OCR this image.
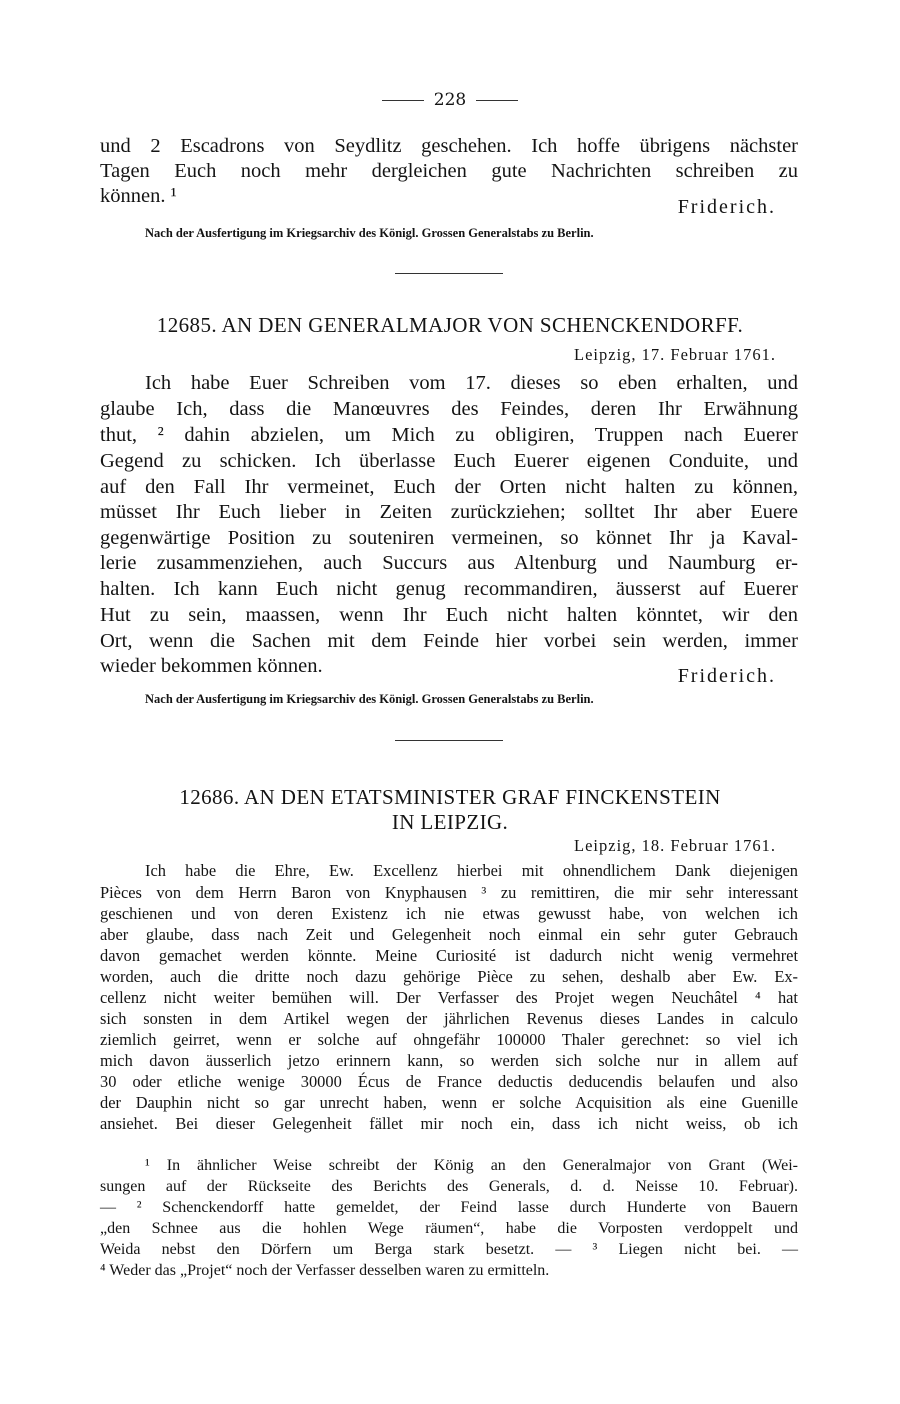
228
und 2 Escadrons von Seydlitz geschehen. Ich hoffe übrigens nächster
Tagen Euch noch mehr dergleichen gute Nachrichten schreiben zu
können. ¹	Friderich.
Nach der Ausfertigung im Kriegsarchiv des Königl. Grossen Generalstabs zu Berlin.
12685. AN DEN GENERALMAJOR VON SCHENCKENDORFF.
Leipzig, 17. Februar 1761.
Ich habe Euer Schreiben vom 17. dieses so eben erhalten, und
glaube Ich, dass die Manœuvres des Feindes, deren Ihr Erwähnung
thut, ² dahin abzielen, um Mich zu obligiren, Truppen nach Euerer
Gegend zu schicken. Ich überlasse Euch Euerer eigenen Conduite, und
auf den Fall Ihr vermeinet, Euch der Orten nicht halten zu können,
müsset Ihr Euch lieber in Zeiten zurückziehen; solltet Ihr aber Euere
gegenwärtige Position zu souteniren vermeinen, so könnet Ihr ja Kaval-
lerie zusammenziehen, auch Succurs aus Altenburg und Naumburg er-
halten. Ich kann Euch nicht genug recommandiren, äusserst auf Euerer
Hut zu sein, maassen, wenn Ihr Euch nicht halten könntet, wir den
Ort, wenn die Sachen mit dem Feinde hier vorbei sein werden, immer
wieder bekommen können.	Friderich.
Nach der Ausfertigung im Kriegsarchiv des Königl. Grossen Generalstabs zu Berlin.
12686. AN DEN ETATSMINISTER GRAF FINCKENSTEIN
IN LEIPZIG.
Leipzig, 18. Februar 1761.
Ich habe die Ehre, Ew. Excellenz hierbei mit ohnendlichem Dank diejenigen
Pièces von dem Herrn Baron von Knyphausen ³ zu remittiren, die mir sehr interessant
geschienen und von deren Existenz ich nie etwas gewusst habe, von welchen ich
aber glaube, dass nach Zeit und Gelegenheit noch einmal ein sehr guter Gebrauch
davon gemachet werden könnte. Meine Curiosité ist dadurch nicht wenig vermehret
worden, auch die dritte noch dazu gehörige Pièce zu sehen, deshalb aber Ew. Ex-
cellenz nicht weiter bemühen will. Der Verfasser des Projet wegen Neuchâtel ⁴ hat
sich sonsten in dem Artikel wegen der jährlichen Revenus dieses Landes in calculo
ziemlich geirret, wenn er solche auf ohngefähr 100000 Thaler gerechnet: so viel ich
mich davon äusserlich jetzo erinnern kann, so werden sich solche nur in allem auf
30 oder etliche wenige 30000 Écus de France deductis deducendis belaufen und also
der Dauphin nicht so gar unrecht haben, wenn er solche Acquisition als eine Guenille
ansiehet. Bei dieser Gelegenheit fället mir noch ein, dass ich nicht weiss, ob ich
¹ In ähnlicher Weise schreibt der König an den Generalmajor von Grant (Wei-
sungen auf der Rückseite des Berichts des Generals, d. d. Neisse 10. Februar).
— ² Schenckendorff hatte gemeldet, der Feind lasse durch Hunderte von Bauern
„den Schnee aus die hohlen Wege räumen“, habe die Vorposten verdoppelt und
Weida nebst den Dörfern um Berga stark besetzt. — ³ Liegen nicht bei. —
⁴ Weder das „Projet“ noch der Verfasser desselben waren zu ermitteln.
